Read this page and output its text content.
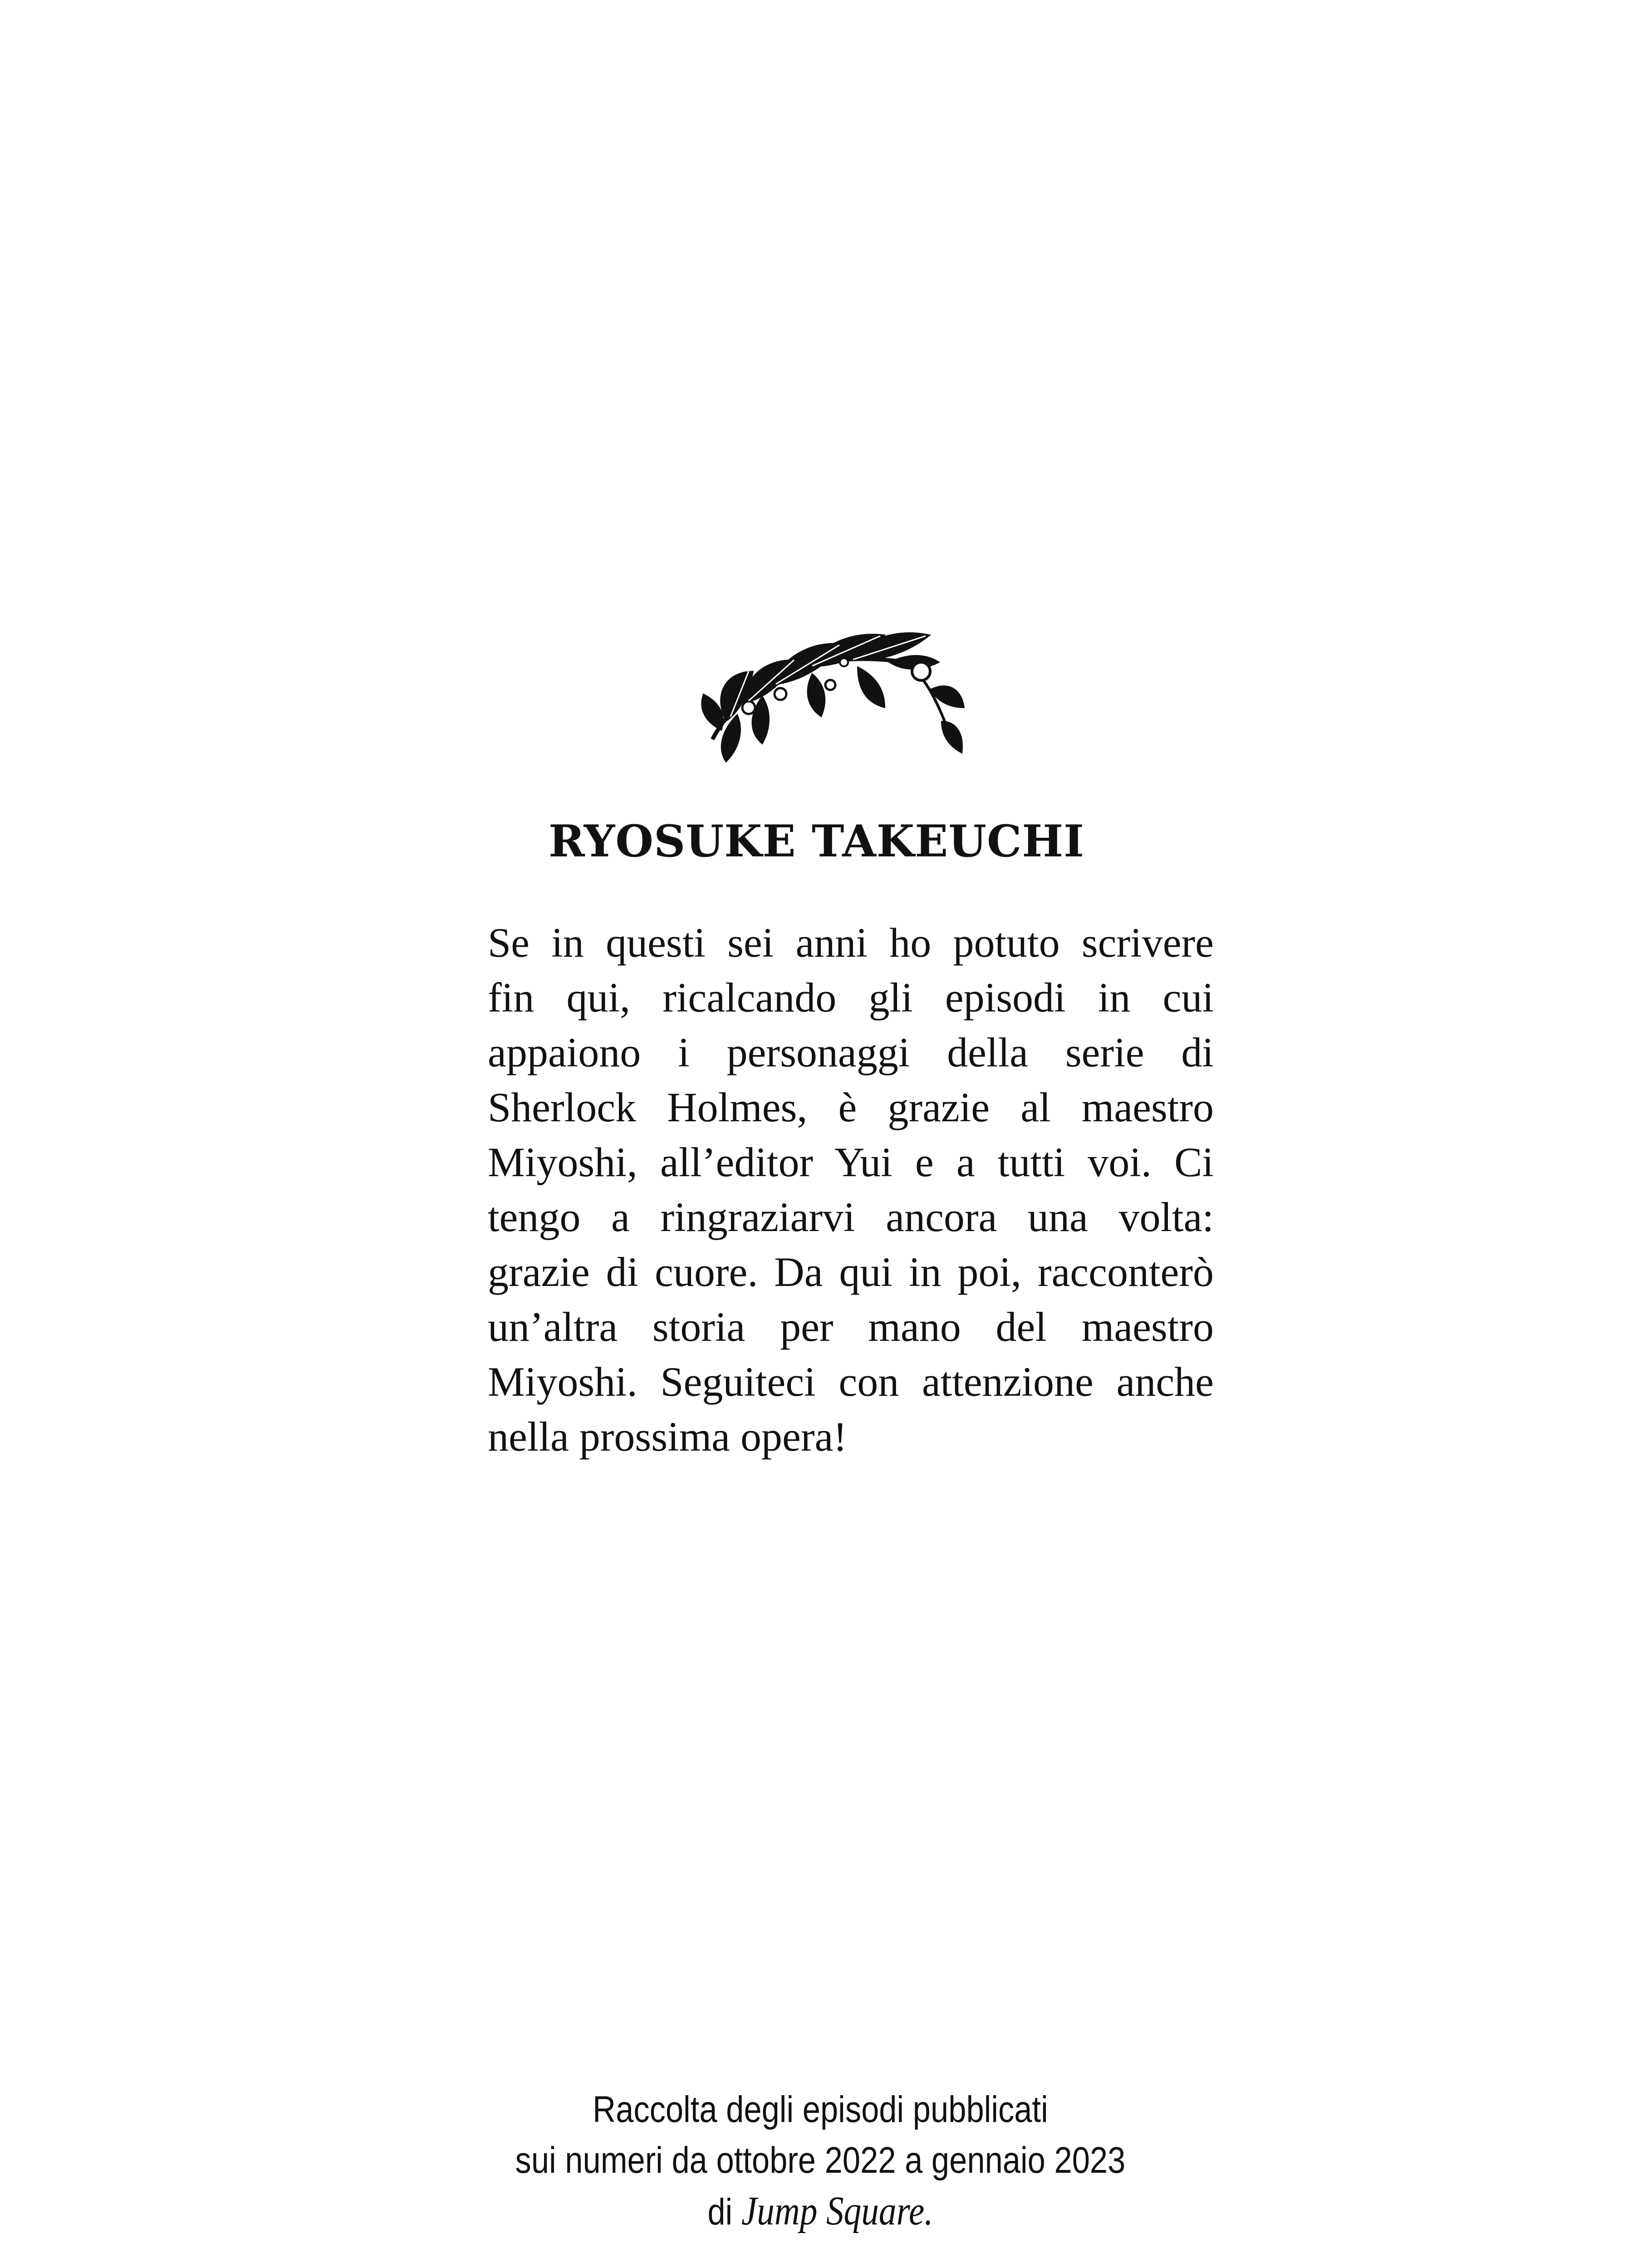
RYOSUKE TAKEUCHI
Se in questi sei anni ho potuto scrivere
fin qui, ricalcando gli episodi in cui
appaiono i personaggi della serie di
Sherlock Holmes, è grazie al maestro
Miyoshi, all’editor Yui e a tutti voi. Ci
tengo a ringraziarvi ancora una volta:
grazie di cuore. Da qui in poi, racconterò
un’altra storia per mano del maestro
Miyoshi. Seguiteci con attenzione anche
nella prossima opera!
Raccolta degli episodi pubblicati
sui numeri da ottobre 2022 a gennaio 2023
di Jump Square.
